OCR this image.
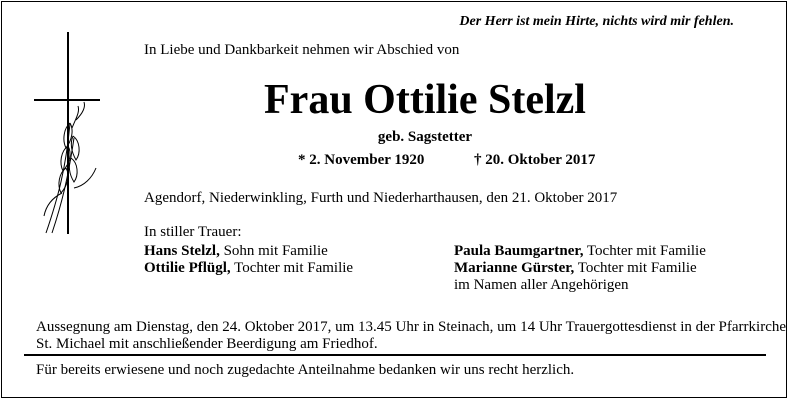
Der Herr ist mein Hirte, nichts wird mir fehlen.
In Liebe und Dankbarkeit nehmen wir Abschied von
Frau Ottilie Stelzl
geb. Sagstetter
* 2. November 1920	† 20. Oktober 2017
Agendorf, Niederwinkling, Furth und Niederharthausen, den 21. Oktober 2017
In stiller Trauer:
Hans Stelzl, Sohn mit Familie
Ottilie Pflügl, Tochter mit Familie
Paula Baumgartner, Tochter mit Familie
Marianne Gürster, Tochter mit Familie
im Namen aller Angehörigen
Aussegnung am Dienstag, den 24. Oktober 2017, um 13.45 Uhr in Steinach, um 14 Uhr Trauergottesdienst in der Pfarrkirche
St. Michael mit anschließender Beerdigung am Friedhof.
Für bereits erwiesene und noch zugedachte Anteilnahme bedanken wir uns recht herzlich.
